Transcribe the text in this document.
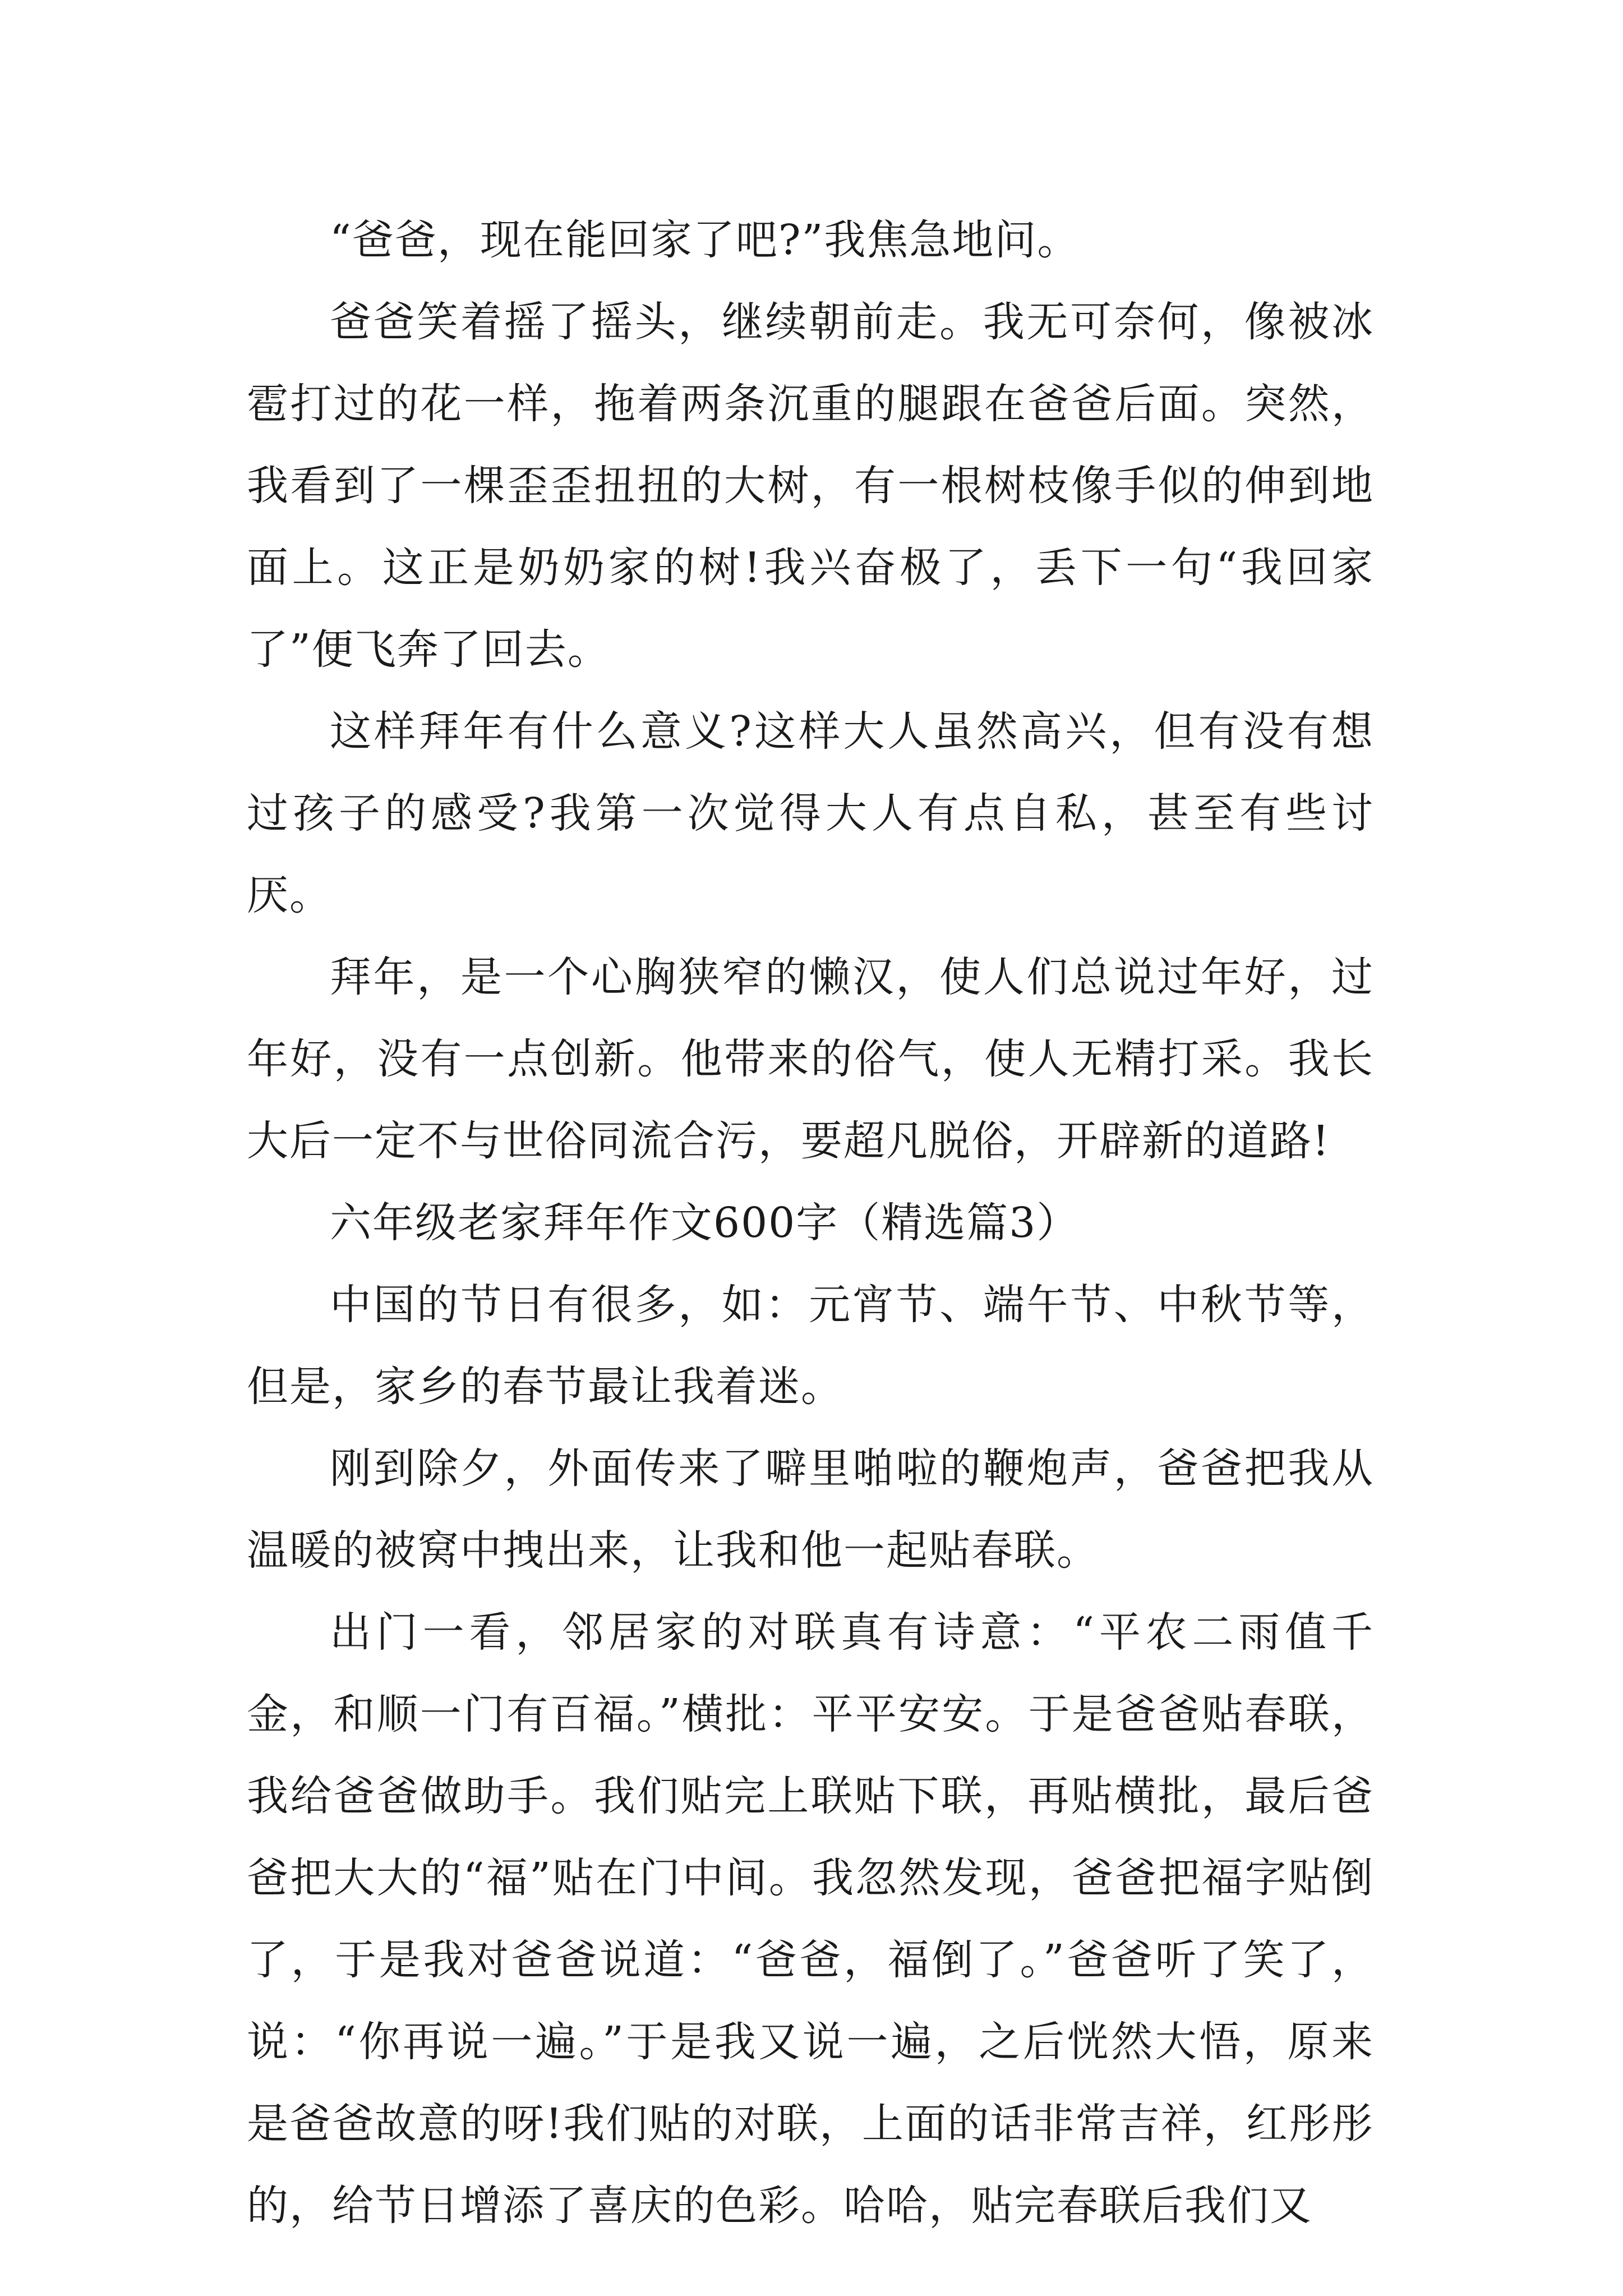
“爸爸，现在能回家了吧?”我焦急地问。

爸爸笑着摇了摇头，继续朝前走。我无可奈何，像被冰雹打过的花一样，拖着两条沉重的腿跟在爸爸后面。突然，我看到了一棵歪歪扭扭的大树，有一根树枝像手似的伸到地面上。这正是奶奶家的树!我兴奋极了，丢下一句“我回家了”便飞奔了回去。

这样拜年有什么意义?这样大人虽然高兴，但有没有想过孩子的感受?我第一次觉得大人有点自私，甚至有些讨厌。

拜年，是一个心胸狭窄的懒汉，使人们总说过年好，过年好，没有一点创新。他带来的俗气，使人无精打采。我长大后一定不与世俗同流合污，要超凡脱俗，开辟新的道路!

六年级老家拜年作文600字（精选篇3）

中国的节日有很多，如：元宵节、端午节、中秋节等，但是，家乡的春节最让我着迷。

刚到除夕，外面传来了噼里啪啦的鞭炮声，爸爸把我从温暖的被窝中拽出来，让我和他一起贴春联。

出门一看，邻居家的对联真有诗意：“平农二雨值千金，和顺一门有百福。”横批：平平安安。于是爸爸贴春联，我给爸爸做助手。我们贴完上联贴下联，再贴横批，最后爸爸把大大的“福”贴在门中间。我忽然发现，爸爸把福字贴倒了，于是我对爸爸说道：“爸爸，福倒了。”爸爸听了笑了，说：“你再说一遍。”于是我又说一遍，之后恍然大悟，原来是爸爸故意的呀!我们贴的对联，上面的话非常吉祥，红彤彤的，给节日增添了喜庆的色彩。哈哈，贴完春联后我们又
